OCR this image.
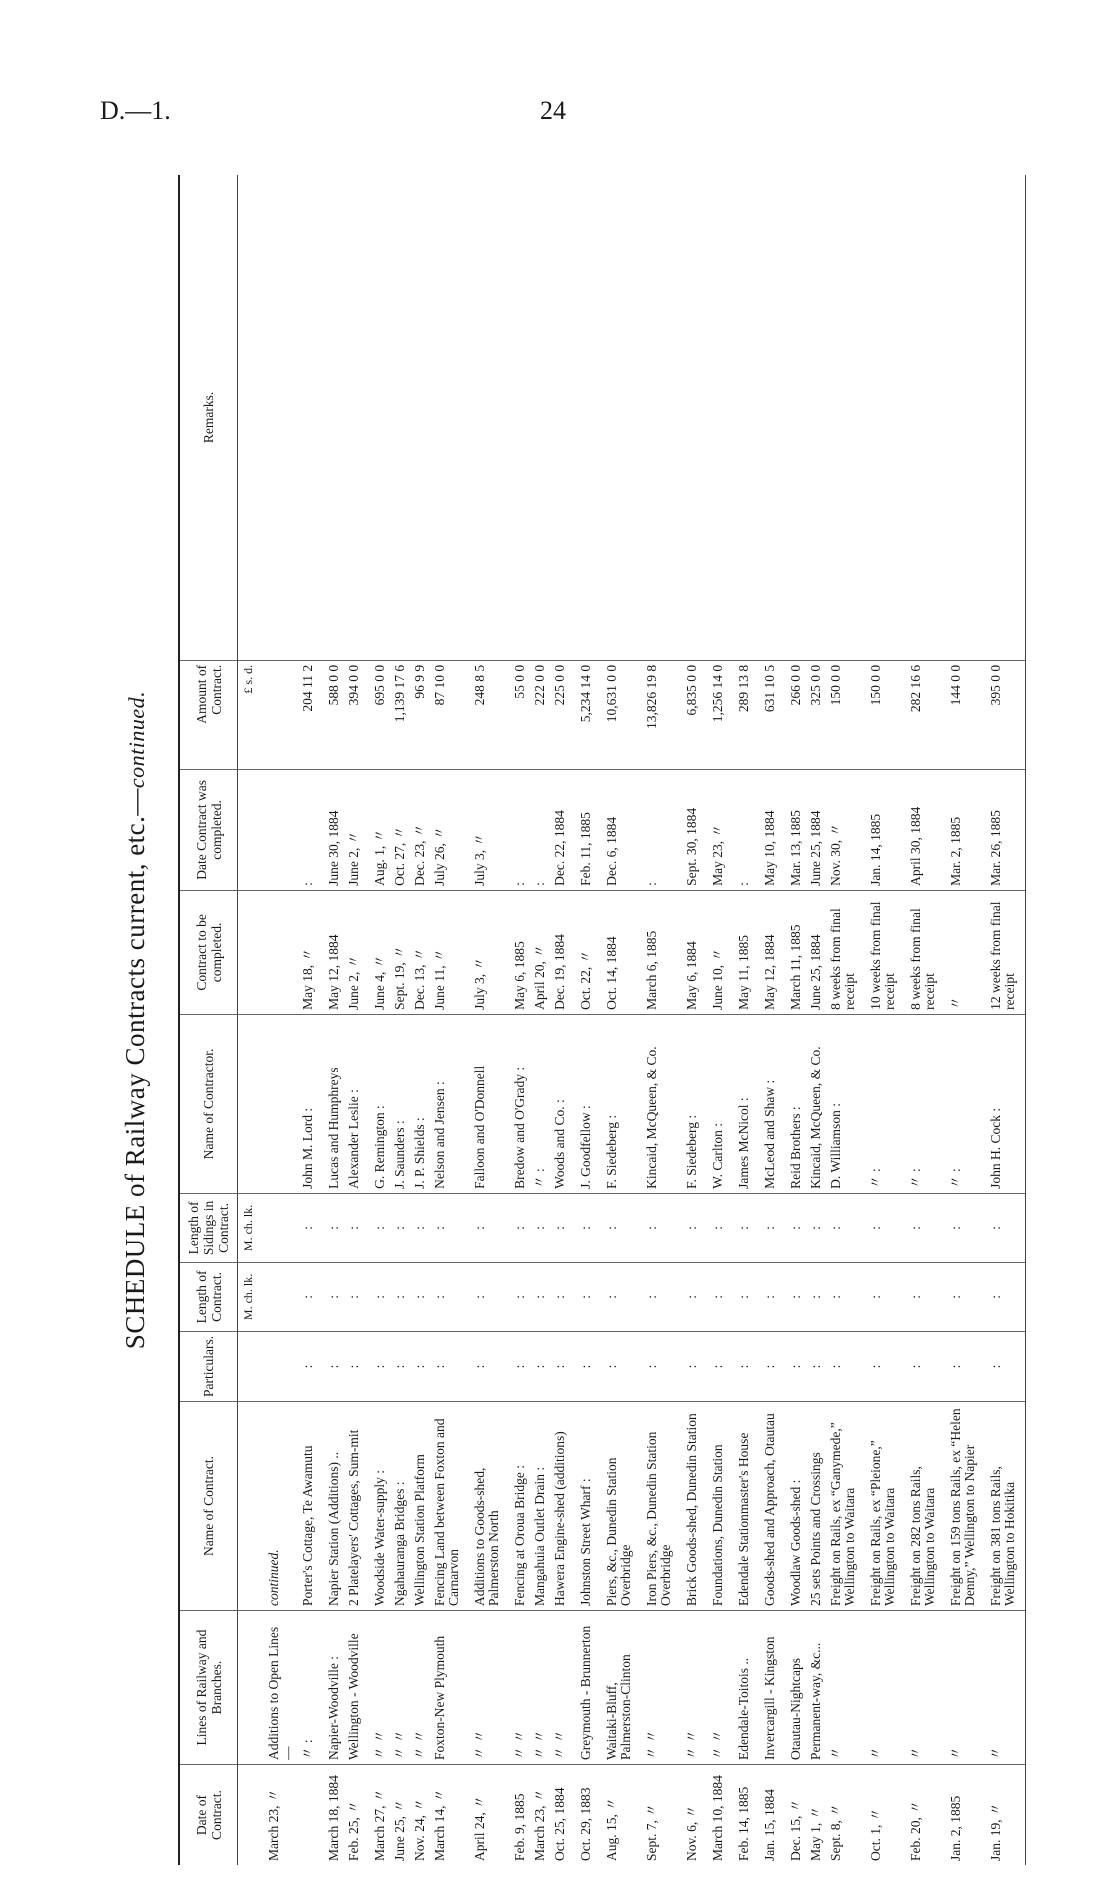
D.—1.	24
SCHEDULE of Railway Contracts current, etc.—continued.
Date of Contract.	Lines of Railway and Branches.	Name of Contract.	Particulars.	Length of Contract.	Length of Sidings in Contract.	Name of Contractor.	Contract to be completed.	Date Contract was completed.	Amount of Contract.	Remarks.
				M. ch. lk.	M. ch. lk.				£ s. d.	
March 23, 〃	Additions to Open Lines—	continued.								
	〃 :	Porter's Cottage, Te Awamutu	:	:	:	John M. Lord :	May 18, 〃	:	204 11 2	
March 18, 1884	Napier-Woodville :	Napier Station (Additions) ..	:	:	:	Lucas and Humphreys	May 12, 1884	June 30, 1884	588 0 0	
Feb. 25, 〃	Wellington - Woodville	2 Platelayers' Cottages, Sum-mit	:	:	:	Alexander Leslie :	June 2, 〃	June 2, 〃	394 0 0	
March 27, 〃	〃 〃	Woodside Water-supply :	:	:	:	G. Remington :	June 4, 〃	Aug. 1, 〃	695 0 0	
June 25, 〃	〃 〃	Ngahauranga Bridges :	:	:	:	J. Saunders :	Sept. 19, 〃	Oct. 27, 〃	1,139 17 6	
Nov. 24, 〃	〃 〃	Wellington Station Platform	:	:	:	J. P. Shields :	Dec. 13, 〃	Dec. 23, 〃	96 9 9	
March 14, 〃	Foxton-New Plymouth	Fencing Land between Foxton and Carnarvon	:	:	:	Nelson and Jensen :	June 11, 〃	July 26, 〃	87 10 0	
April 24, 〃	〃 〃	Additions to Goods-shed, Palmerston North	:	:	:	Falloon and O'Donnell	July 3, 〃	July 3, 〃	248 8 5	
Feb. 9, 1885	〃 〃	Fencing at Oroua Bridge :	:	:	:	Bredow and O'Grady :	May 6, 1885	:	55 0 0	
March 23, 〃	〃 〃	Mangahuia Outlet Drain :	:	:	:	〃 :	April 20, 〃	:	222 0 0	
Oct. 25, 1884	〃 〃	Hawera Engine-shed (additions)	:	:	:	Woods and Co. :	Dec. 19, 1884	Dec. 22, 1884	225 0 0	
Oct. 29, 1883	Greymouth - Brunnerton	Johnston Street Wharf :	:	:	:	J. Goodfellow :	Oct. 22, 〃	Feb. 11, 1885	5,234 14 0	
Aug. 15, 〃	Waitaki-Bluff, Palmerston-Clinton	Piers, &c., Dunedin Station Overbridge	:	:	:	F. Siedeberg :	Oct. 14, 1884	Dec. 6, 1884	10,631 0 0	
Sept. 7, 〃	〃 〃	Iron Piers, &c., Dunedin Station Overbridge	:	:	:	Kincaid, McQueen, & Co.	March 6, 1885	:	13,826 19 8	
Nov. 6, 〃	〃 〃	Brick Goods-shed, Dunedin Station	:	:	:	F. Siedeberg :	May 6, 1884	Sept. 30, 1884	6,835 0 0	
March 10, 1884	〃 〃	Foundations, Dunedin Station	:	:	:	W. Carlton :	June 10, 〃	May 23, 〃	1,256 14 0	
Feb. 14, 1885	Edendale-Toitois ..	Edendale Stationmaster's House	:	:	:	James McNicol :	May 11, 1885	:	289 13 8	
Jan. 15, 1884	Invercargill - Kingston	Goods-shed and Approach, Otautau	:	:	:	McLeod and Shaw :	May 12, 1884	May 10, 1884	631 10 5	
Dec. 15, 〃	Otautau-Nightcaps	Woodlaw Goods-shed :	:	:	:	Reid Brothers :	March 11, 1885	Mar. 13, 1885	266 0 0	
May 1, 〃	Permanent-way, &c...	25 sets Points and Crossings	:	:	:	Kincaid, McQueen, & Co.	June 25, 1884	June 25, 1884	325 0 0	
Sept. 8, 〃	〃	Freight on Rails, ex “Ganymede,” Wellington to Waitara	:	:	:	D. Williamson :	8 weeks from final receipt	Nov. 30, 〃	150 0 0	
Oct. 1, 〃	〃	Freight on Rails, ex “Pleione,” Wellington to Waitara	:	:	:	〃 :	10 weeks from final receipt	Jan. 14, 1885	150 0 0	
Feb. 20, 〃	〃	Freight on 282 tons Rails, Wellington to Waitara	:	:	:	〃 :	8 weeks from final receipt	April 30, 1884	282 16 6	
Jan. 2, 1885	〃	Freight on 159 tons Rails, ex “Helen Denny,” Wellington to Napier	:	:	:	〃 :	〃	Mar. 2, 1885	144 0 0	
Jan. 19, 〃	〃	Freight on 381 tons Rails, Wellington to Hokitika	:	:	:	John H. Cock :	12 weeks from final receipt	Mar. 26, 1885	395 0 0	
